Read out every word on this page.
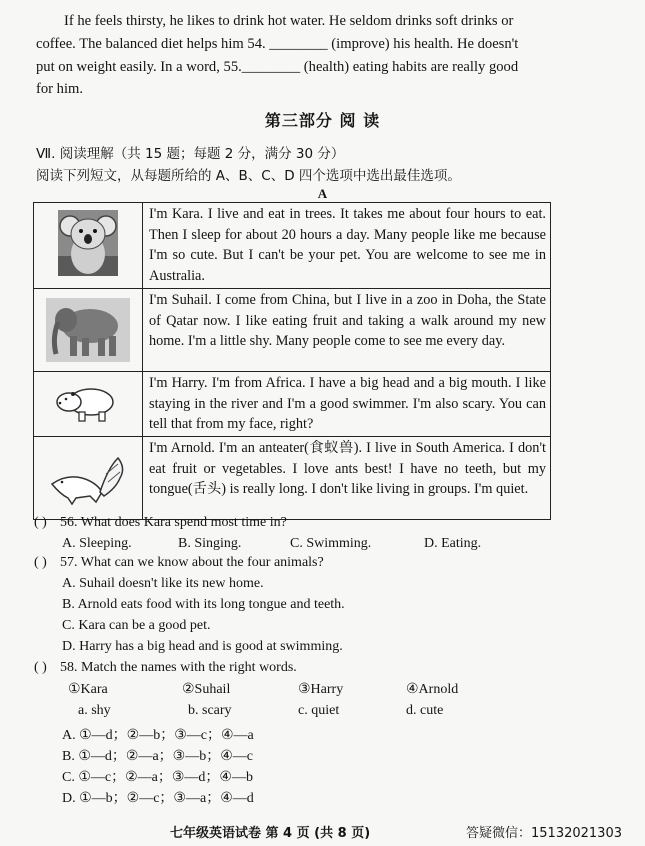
If he feels thirsty, he likes to drink hot water. He seldom drinks soft drinks or

coffee. The balanced diet helps him 54. ________ (improve) his health. He doesn't

put on weight easily. In a word, 55.________ (health) eating habits are really good

for him.

第三部分 阅 读
Ⅶ. 阅读理解（共 15 题；每题 2 分，满分 30 分）
阅读下列短文，从每题所给的 A、B、C、D 四个选项中选出最佳选项。
A
	I'm Kara. I live and eat in trees. It takes me about four hours to eat. Then I sleep for about 20 hours a day. Many people like me because I'm so cute. But I can't be your pet. You are welcome to see me in Australia.

	I'm Suhail. I come from China, but I live in a zoo in Doha, the State of Qatar now. I like eating fruit and taking a walk around my new home. I'm a little shy. Many people come to see me every day.

	I'm Harry. I'm from Africa. I have a big head and a big mouth. I like staying in the river and I'm a good swimmer. I'm also scary. You can tell that from my face, right?

	I'm Arnold. I'm an anteater(食蚁兽). I live in South America. I don't eat fruit or vegetables. I love ants best! I have no teeth, but my tongue(舌头) is really long. I don't like living in groups. I'm quiet.
( ) 56. What does Kara spend most time in?
A. Sleeping.	B. Singing.	C. Swimming.	D. Eating.
( ) 57. What can we know about the four animals?
A. Suhail doesn't like its new home.
B. Arnold eats food with its long tongue and teeth.
C. Kara can be a good pet.
D. Harry has a big head and is good at swimming.
( ) 58. Match the names with the right words.
①Kara	②Suhail	③Harry	④Arnold
a. shy	b. scary	c. quiet	d. cute
A. ①—d；②—b；③—c；④—a
B. ①—d；②—a；③—b；④—c
C. ①—c；②—a；③—d；④—b
D. ①—b；②—c；③—a；④—d
七年级英语试卷 第 4 页 (共 8 页)	答疑微信：15132021303
